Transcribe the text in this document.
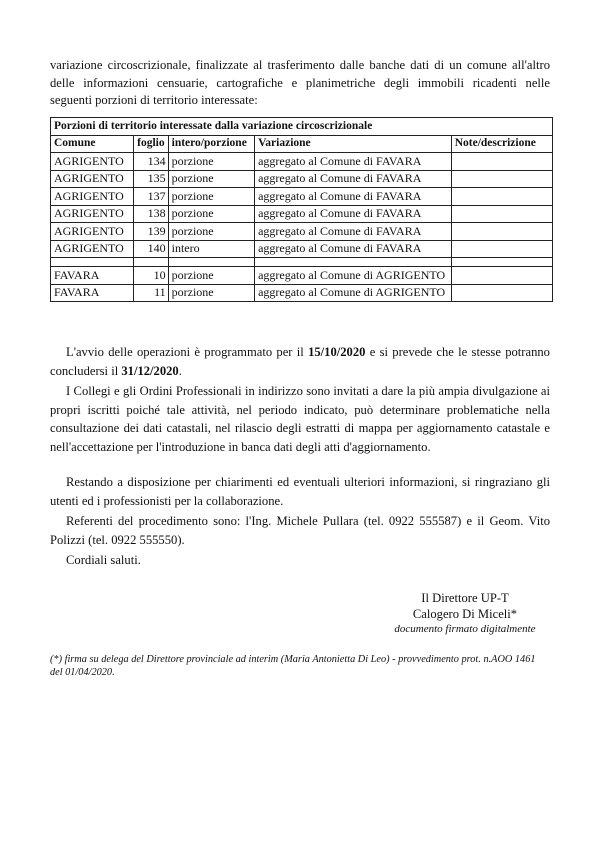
variazione circoscrizionale, finalizzate al trasferimento dalle banche dati di un comune all'altro
delle informazioni censuarie, cartografiche e planimetriche degli immobili ricadenti nelle
seguenti porzioni di territorio interessate:
Porzioni di territorio interessate dalla variazione circoscrizionale				
Comune	foglio	intero/porzione	Variazione	Note/descrizione
AGRIGENTO	134	porzione	aggregato al Comune di FAVARA	
AGRIGENTO	135	porzione	aggregato al Comune di FAVARA	
AGRIGENTO	137	porzione	aggregato al Comune di FAVARA	
AGRIGENTO	138	porzione	aggregato al Comune di FAVARA	
AGRIGENTO	139	porzione	aggregato al Comune di FAVARA	
AGRIGENTO	140	intero	aggregato al Comune di FAVARA	

FAVARA	10	porzione	aggregato al Comune di AGRIGENTO	
FAVARA	11	porzione	aggregato al Comune di AGRIGENTO	
L'avvio delle operazioni è programmato per il 15/10/2020 e si prevede che le stesse potranno concludersi il 31/12/2020.
I Collegi e gli Ordini Professionali in indirizzo sono invitati a dare la più ampia divulgazione ai propri iscritti poiché tale attività, nel periodo indicato, può determinare problematiche nella consultazione dei dati catastali, nel rilascio degli estratti di mappa per aggiornamento catastale e nell'accettazione per l'introduzione in banca dati degli atti d'aggiornamento.
Restando a disposizione per chiarimenti ed eventuali ulteriori informazioni, si ringraziano gli utenti ed i professionisti per la collaborazione.
Referenti del procedimento sono: l'Ing. Michele Pullara (tel. 0922 555587) e il Geom. Vito Polizzi (tel. 0922 555550).
Cordiali saluti.
Il Direttore UP-T
Calogero Di Miceli*
documento firmato digitalmente
(*) firma su delega del Direttore provinciale ad interim (Maria Antonietta Di Leo) - provvedimento prot. n.AOO 1461 del 01/04/2020.
